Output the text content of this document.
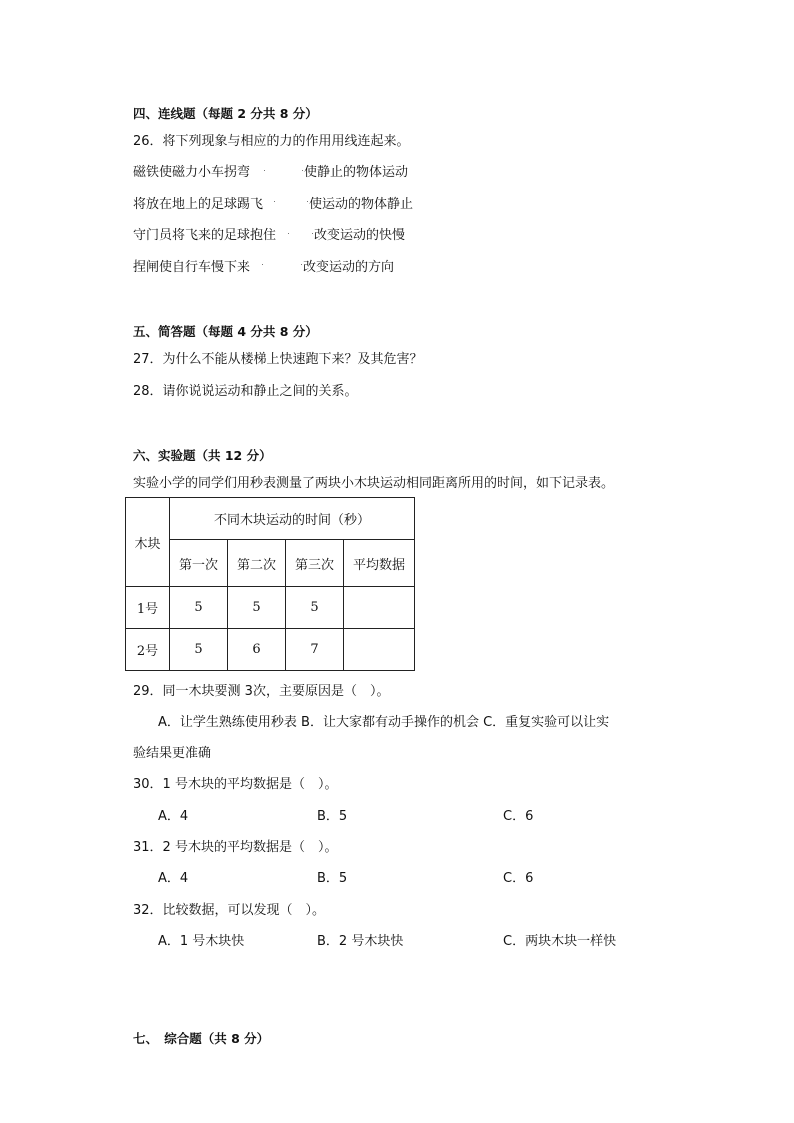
四、连线题（每题 2 分共 8 分）
26．将下列现象与相应的力的作用用线连起来。
磁铁使磁力小车拐弯
将放在地上的足球踢飞
守门员将飞来的足球抱住
捏闸使自行车慢下来
使静止的物体运动
使运动的物体静止
改变运动的快慢
改变运动的方向
五、简答题（每题 4 分共 8 分）
27．为什么不能从楼梯上快速跑下来？及其危害？
28．请你说说运动和静止之间的关系。
六、实验题（共 12 分）
实验小学的同学们用秒表测量了两块小木块运动相同距离所用的时间，如下记录表。
木块	不同木块运动的时间（秒）			
	第一次	第二次	第三次	平均数据
1号	5	5	5	
2号	5	6	7	
29．同一木块要测 3次，主要原因是（　）。
A．让学生熟练使用秒表 B．让大家都有动手操作的机会 C．重复实验可以让实
验结果更准确
30．1 号木块的平均数据是（　）。
A．4	B．5	C．6
31．2 号木块的平均数据是（　）。
A．4	B．5	C．6
32．比较数据，可以发现（　）。
A．1 号木块快	B．2 号木块快	C．两块木块一样快
七、　综合题（共 8 分）
